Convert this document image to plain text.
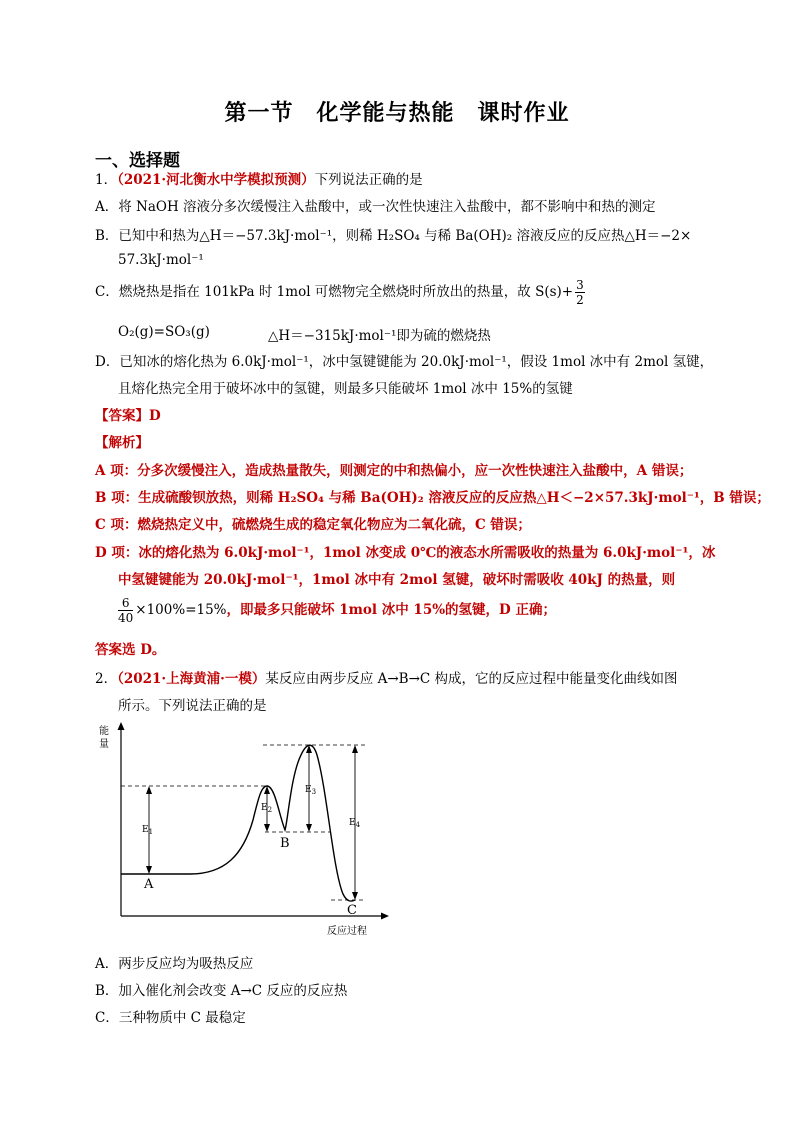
第一节　化学能与热能　课时作业
一、选择题
1．（2021·河北衡水中学模拟预测）下列说法正确的是
A．将 NaOH 溶液分多次缓慢注入盐酸中，或一次性快速注入盐酸中，都不影响中和热的测定
B．已知中和热为△H＝−57.3kJ·mol⁻¹，则稀 H₂SO₄ 与稀 Ba(OH)₂ 溶液反应的反应热△H＝−2×
57.3kJ·mol⁻¹
C．燃烧热是指在 101kPa 时 1mol 可燃物完全燃烧时所放出的热量，故 $S(s)+ \frac{3}{2}$
O₂(g)=SO₃(g)	△H＝−315kJ·mol⁻¹即为硫的燃烧热
D．已知冰的熔化热为 6.0kJ·mol⁻¹，冰中氢键键能为 20.0kJ·mol⁻¹，假设 1mol 冰中有 2mol 氢键，
且熔化热完全用于破坏冰中的氢键，则最多只能破坏 1mol 冰中 15%的氢键
【答案】D
【解析】
A 项：分多次缓慢注入，造成热量散失，则测定的中和热偏小，应一次性快速注入盐酸中，A 错误；
B 项：生成硫酸钡放热，则稀 H₂SO₄ 与稀 Ba(OH)₂ 溶液反应的反应热△H＜−2×57.3kJ·mol⁻¹，B 错误；
C 项：燃烧热定义中，硫燃烧生成的稳定氧化物应为二氧化硫，C 错误；
D 项：冰的熔化热为 6.0kJ·mol⁻¹，1mol 冰变成 0℃的液态水所需吸收的热量为 6.0kJ·mol⁻¹，冰
中氢键键能为 20.0kJ·mol⁻¹，1mol 冰中有 2mol 氢键，破坏时需吸收 40kJ 的热量，则
$\frac{6}{40} \times 100\%=15\%$，即最多只能破坏 1mol 冰中 15%的氢键，D 正确；
答案选 D。
2．（2021·上海黄浦·一模）某反应由两步反应 A→B→C 构成，它的反应过程中能量变化曲线如图
所示。下列说法正确的是
能
量
反应过程
$E_1$
$E_2$
$E_3$
$E_4$
A
B
C
A．两步反应均为吸热反应
B．加入催化剂会改变 A→C 反应的反应热
C．三种物质中 C 最稳定
